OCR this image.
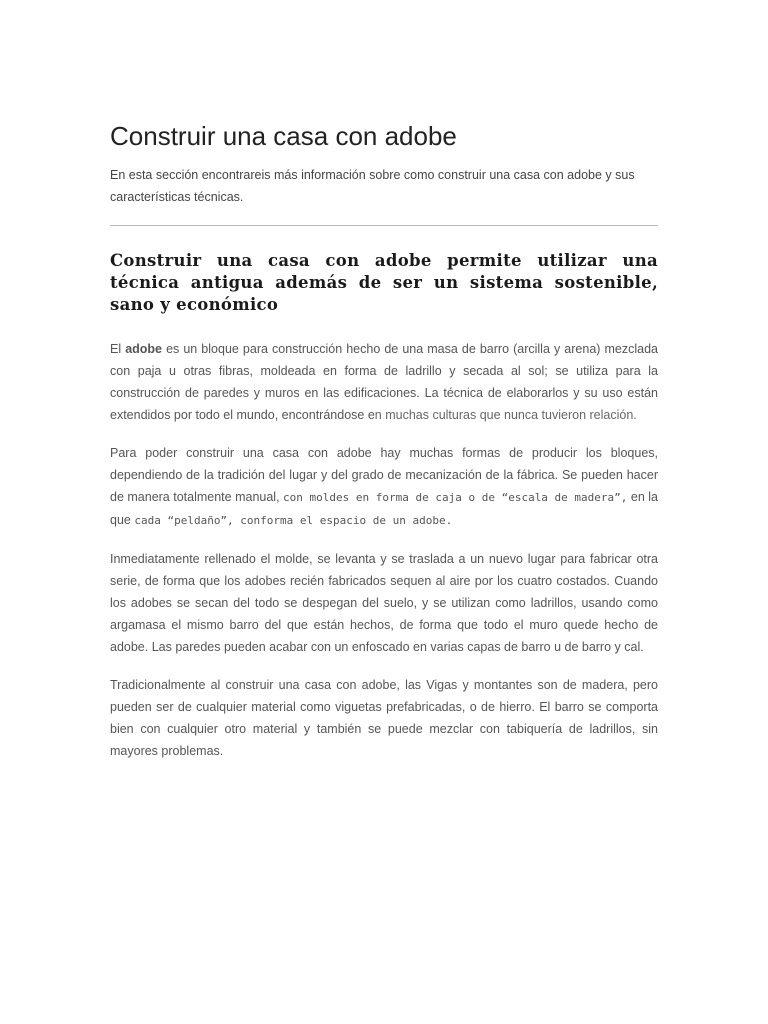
Construir una casa con adobe

En esta sección encontrareis más información sobre como construir una casa con adobe y sus características técnicas.

Construir una casa con adobe permite utilizar una técnica antigua además de ser un sistema sostenible, sano y económico

El adobe es un bloque para construcción hecho de una masa de barro (arcilla y arena) mezclada con paja u otras fibras, moldeada en forma de ladrillo y secada al sol; se utiliza para la construcción de paredes y muros en las edificaciones. La técnica de elaborarlos y su uso están extendidos por todo el mundo, encontrándose en muchas culturas que nunca tuvieron relación.

Para poder construir una casa con adobe hay muchas formas de producir los bloques, dependiendo de la tradición del lugar y del grado de mecanización de la fábrica. Se pueden hacer de manera totalmente manual, con moldes en forma de caja o de “escala de madera”, en la que cada “peldaño”, conforma el espacio de un adobe.

Inmediatamente rellenado el molde, se levanta y se traslada a un nuevo lugar para fabricar otra serie, de forma que los adobes recién fabricados sequen al aire por los cuatro costados. Cuando los adobes se secan del todo se despegan del suelo, y se utilizan como ladrillos, usando como argamasa el mismo barro del que están hechos, de forma que todo el muro quede hecho de adobe. Las paredes pueden acabar con un enfoscado en varias capas de barro u de barro y cal.

Tradicionalmente al construir una casa con adobe, las Vigas y montantes son de madera, pero pueden ser de cualquier material como viguetas prefabricadas, o de hierro. El barro se comporta bien con cualquier otro material y también se puede mezclar con tabiquería de ladrillos, sin mayores problemas.
